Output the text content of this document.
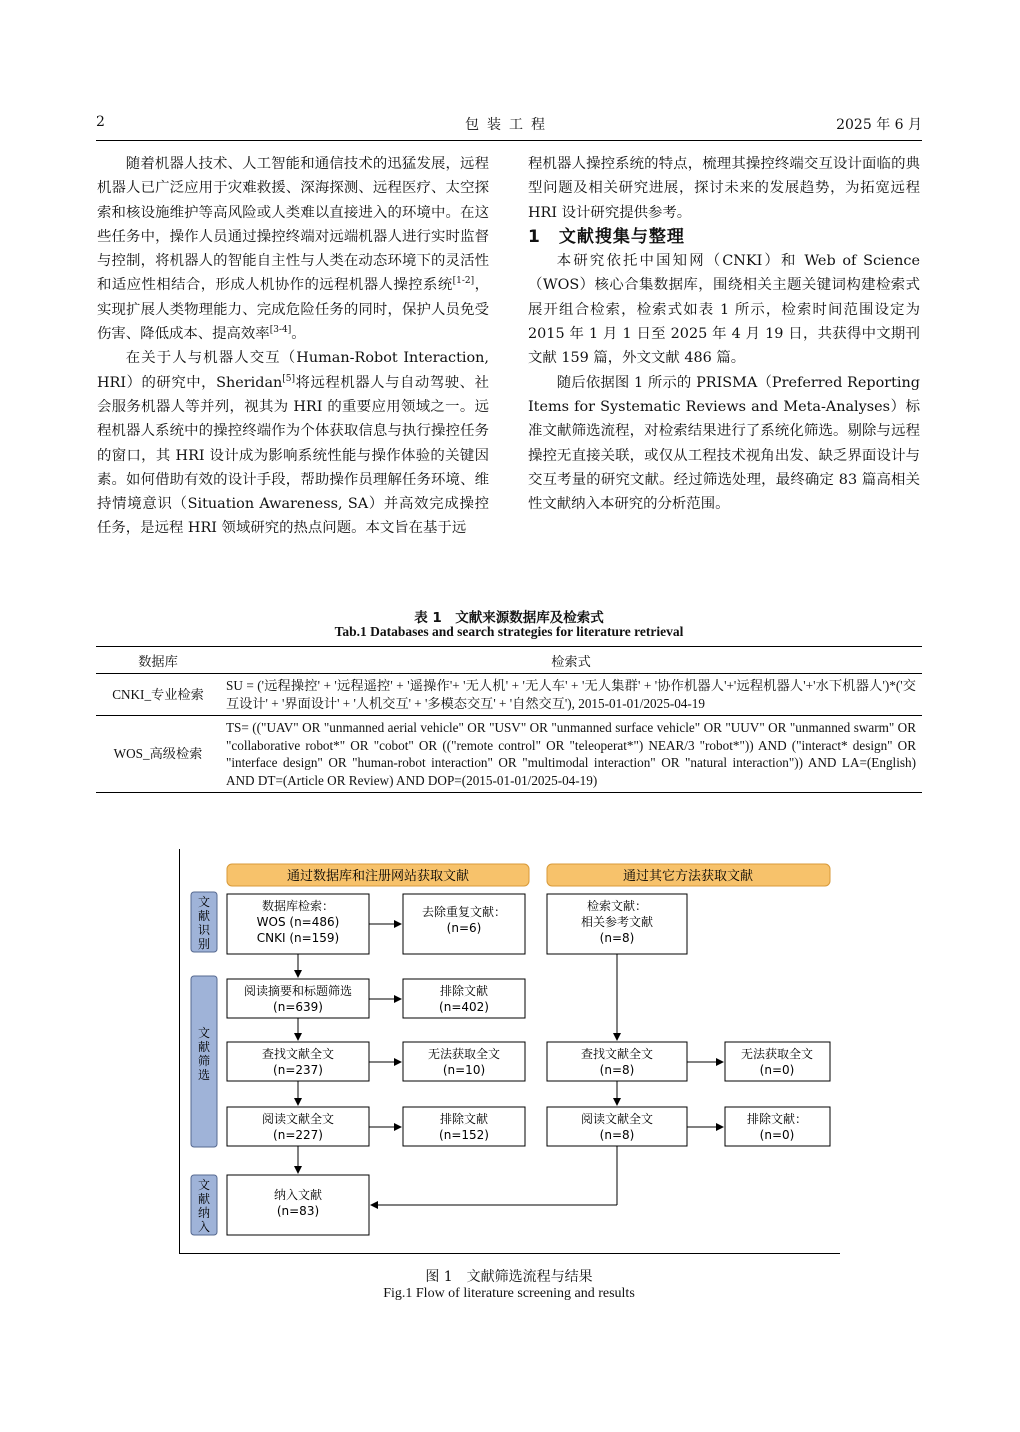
2	包装工程	2025 年 6 月

随着机器人技术、人工智能和通信技术的迅猛发展，远程机器人已广泛应用于灾难救援、深海探测、远程医疗、太空探索和核设施维护等高风险或人类难以直接进入的环境中。在这些任务中，操作人员通过操控终端对远端机器人进行实时监督与控制，将机器人的智能自主性与人类在动态环境下的灵活性和适应性相结合，形成人机协作的远程机器人操控系统[1-2]，实现扩展人类物理能力、完成危险任务的同时，保护人员免受伤害、降低成本、提高效率[3-4]。

在关于人与机器人交互（Human-Robot Interaction, HRI）的研究中，Sheridan[5]将远程机器人与自动驾驶、社会服务机器人等并列，视其为 HRI 的重要应用领域之一。远程机器人系统中的操控终端作为个体获取信息与执行操控任务的窗口，其 HRI 设计成为影响系统性能与操作体验的关键因素。如何借助有效的设计手段，帮助操作员理解任务环境、维持情境意识（Situation Awareness, SA）并高效完成操控任务，是远程 HRI 领域研究的热点问题。本文旨在基于远

程机器人操控系统的特点，梳理其操控终端交互设计面临的典型问题及相关研究进展，探讨未来的发展趋势，为拓宽远程 HRI 设计研究提供参考。

1　文献搜集与整理

本研究依托中国知网（CNKI）和 Web of Science（WOS）核心合集数据库，围绕相关主题关键词构建检索式展开组合检索，检索式如表 1 所示，检索时间范围设定为 2015 年 1 月 1 日至 2025 年 4 月 19 日，共获得中文期刊文献 159 篇，外文文献 486 篇。

随后依据图 1 所示的 PRISMA（Preferred Reporting Items for Systematic Reviews and Meta-Analyses）标准文献筛选流程，对检索结果进行了系统化筛选。剔除与远程操控无直接关联，或仅从工程技术视角出发、缺乏界面设计与交互考量的研究文献。经过筛选处理，最终确定 83 篇高相关性文献纳入本研究的分析范围。

表 1　文献来源数据库及检索式
Tab.1 Databases and search strategies for literature retrieval
数据库	检索式
CNKI_专业检索	SU = ('远程操控' + '远程遥控' + '遥操作'+ '无人机' + '无人车' + '无人集群' + '协作机器人'+'远程机器人'+'水下机器人')*('交互设计' + '界面设计' + '人机交互' + '多模态交互' + '自然交互'), 2015-01-01/2025-04-19
WOS_高级检索	TS= (("UAV" OR "unmanned aerial vehicle" OR "USV" OR "unmanned surface vehicle" OR "UUV" OR "unmanned swarm" OR "collaborative robot*" OR "cobot" OR (("remote control" OR "teleoperat*") NEAR/3 "robot*")) AND ("interact* design" OR "interface design" OR "human-robot interaction" OR "multimodal interaction" OR "natural interaction")) AND LA=(English) AND DT=(Article OR Review) AND DOP=(2015-01-01/2025-04-19)
通过数据库和注册网站获取文献	通过其它方法获取文献
文献识别
文献筛选
文献纳入
数据库检索： WOS (n=486) CNKI (n=159)
去除重复文献：(n=6)
阅读摘要和标题筛选(n=639)
排除文献(n=402)
查找文献全文(n=237)
无法获取全文(n=10)
阅读文献全文(n=227)
排除文献(n=152)
纳入文献(n=83)
检索文献：相关参考文献(n=8)
查找文献全文(n=8)
无法获取全文(n=0)
阅读文献全文(n=8)
排除文献：(n=0)
图 1　文献筛选流程与结果
Fig.1 Flow of literature screening and results
